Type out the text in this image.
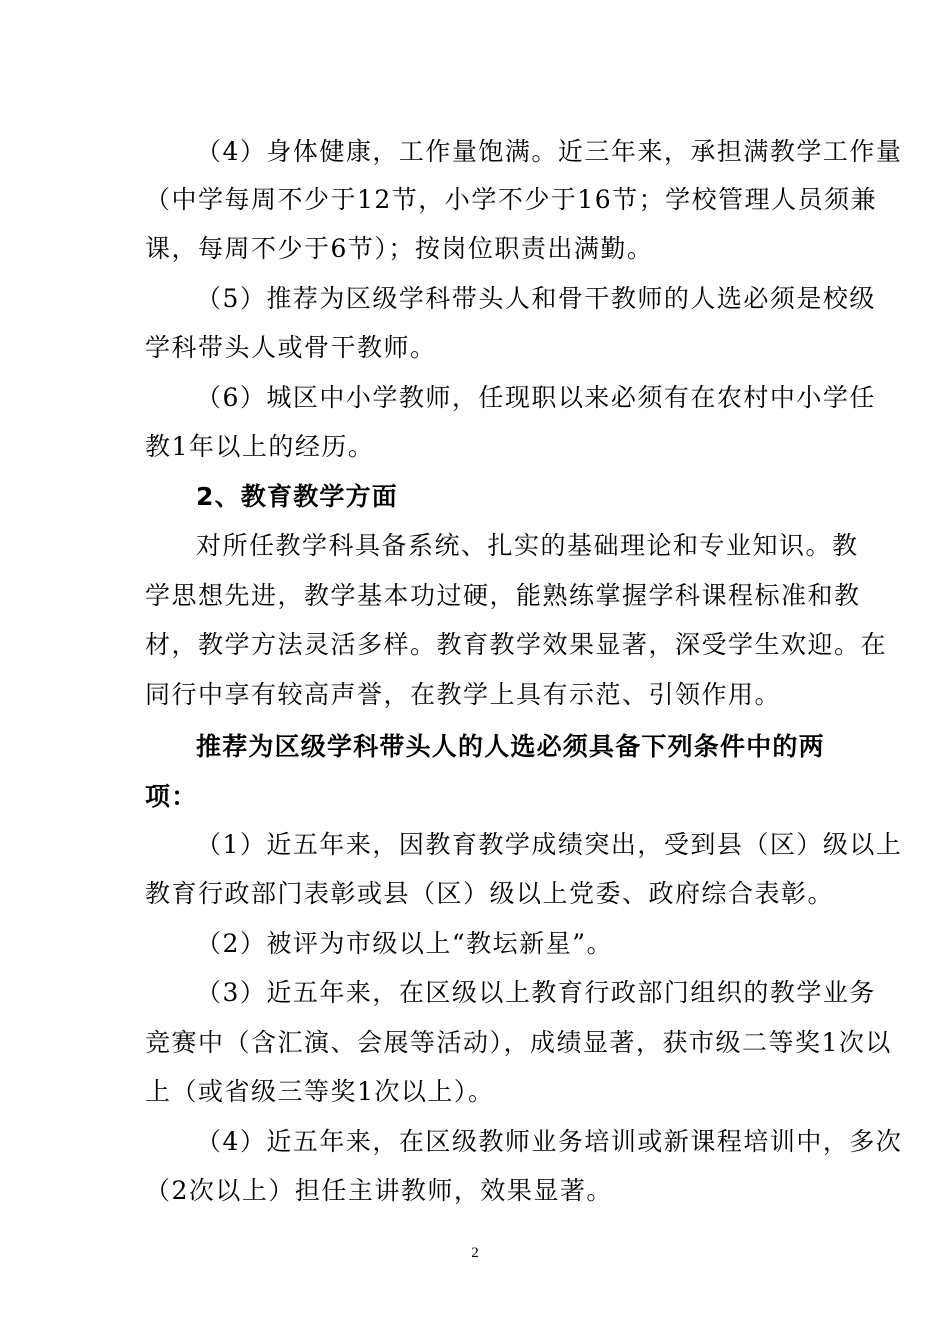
（4）身体健康，工作量饱满。近三年来，承担满教学工作量
（中学每周不少于12节，小学不少于16节；学校管理人员须兼
课，每周不少于6节）；按岗位职责出满勤。
（5）推荐为区级学科带头人和骨干教师的人选必须是校级
学科带头人或骨干教师。
（6）城区中小学教师，任现职以来必须有在农村中小学任
教1年以上的经历。
2、教育教学方面
对所任教学科具备系统、扎实的基础理论和专业知识。教
学思想先进，教学基本功过硬，能熟练掌握学科课程标准和教
材，教学方法灵活多样。教育教学效果显著，深受学生欢迎。在
同行中享有较高声誉，在教学上具有示范、引领作用。
推荐为区级学科带头人的人选必须具备下列条件中的两
项：
（1）近五年来，因教育教学成绩突出，受到县（区）级以上
教育行政部门表彰或县（区）级以上党委、政府综合表彰。
（2）被评为市级以上“教坛新星”。
（3）近五年来，在区级以上教育行政部门组织的教学业务
竞赛中（含汇演、会展等活动），成绩显著，获市级二等奖1次以
上（或省级三等奖1次以上）。
（4）近五年来，在区级教师业务培训或新课程培训中，多次
（2次以上）担任主讲教师，效果显著。
2
